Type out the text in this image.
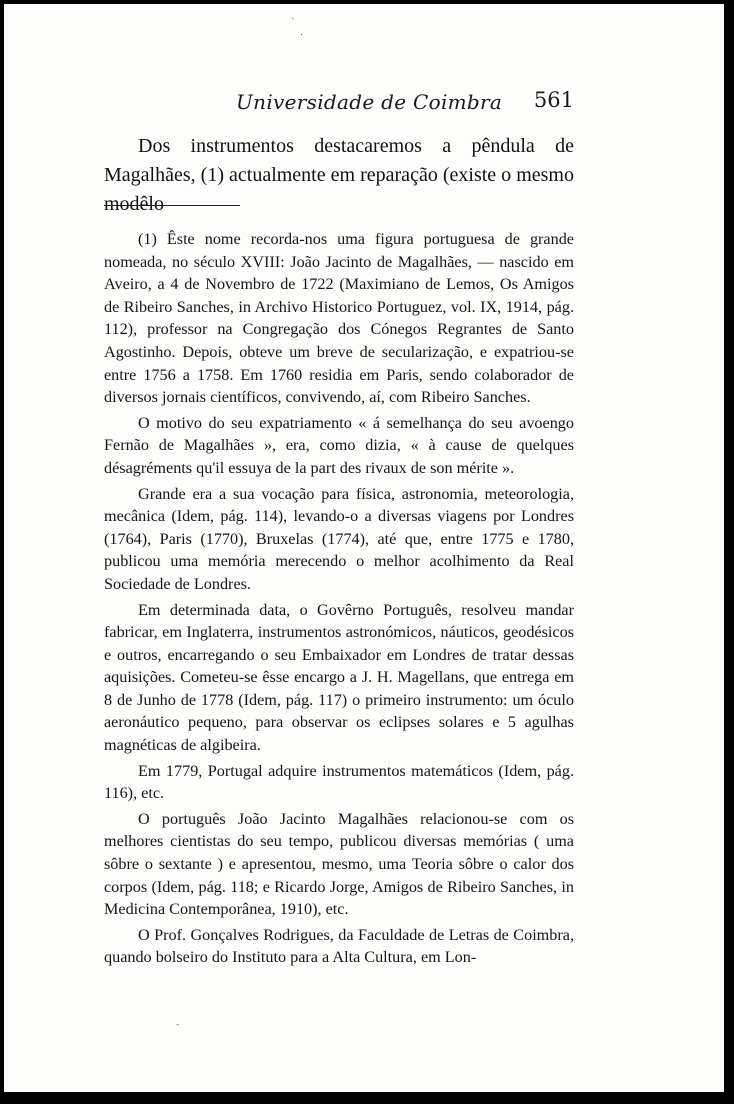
`
.
-
Universidade de Coimbra 561

Dos instrumentos destacaremos a pêndula de Magalhães, (1) actualmente em reparação (existe o mesmo modêlo

(1) Êste nome recorda-nos uma figura portuguesa de grande nomeada, no século XVIII: João Jacinto de Magalhães, — nascido em Aveiro, a 4 de Novembro de 1722 (Maximiano de Lemos, Os Amigos de Ribeiro Sanches, in Archivo Historico Portuguez, vol. IX, 1914, pág. 112), professor na Congregação dos Cónegos Regrantes de Santo Agostinho. Depois, obteve um breve de secularização, e expatriou-se entre 1756 a 1758. Em 1760 residia em Paris, sendo colaborador de diversos jornais científicos, convivendo, aí, com Ribeiro Sanches.

O motivo do seu expatriamento « á semelhança do seu avoengo Fernão de Magalhães », era, como dizia, « à cause de quelques désagréments qu'il essuya de la part des rivaux de son mérite ».

Grande era a sua vocação para física, astronomia, meteorologia, mecânica (Idem, pág. 114), levando-o a diversas viagens por Londres (1764), Paris (1770), Bruxelas (1774), até que, entre 1775 e 1780, publicou uma memória merecendo o melhor acolhimento da Real Sociedade de Londres.

Em determinada data, o Govêrno Português, resolveu mandar fabricar, em Inglaterra, instrumentos astronómicos, náuticos, geodésicos e outros, encarregando o seu Embaixador em Londres de tratar dessas aquisições. Cometeu-se êsse encargo a J. H. Magellans, que entrega em 8 de Junho de 1778 (Idem, pág. 117) o primeiro instrumento: um óculo aeronáutico pequeno, para observar os eclipses solares e 5 agulhas magnéticas de algibeira.

Em 1779, Portugal adquire instrumentos matemáticos (Idem, pág. 116), etc.

O português João Jacinto Magalhães relacionou-se com os melhores cientistas do seu tempo, publicou diversas memórias ( uma sôbre o sextante ) e apresentou, mesmo, uma Teoria sôbre o calor dos corpos (Idem, pág. 118; e Ricardo Jorge, Amigos de Ribeiro Sanches, in Medicina Contemporânea, 1910), etc.

O Prof. Gonçalves Rodrigues, da Faculdade de Letras de Coimbra, quando bolseiro do Instituto para a Alta Cultura, em Lon-
